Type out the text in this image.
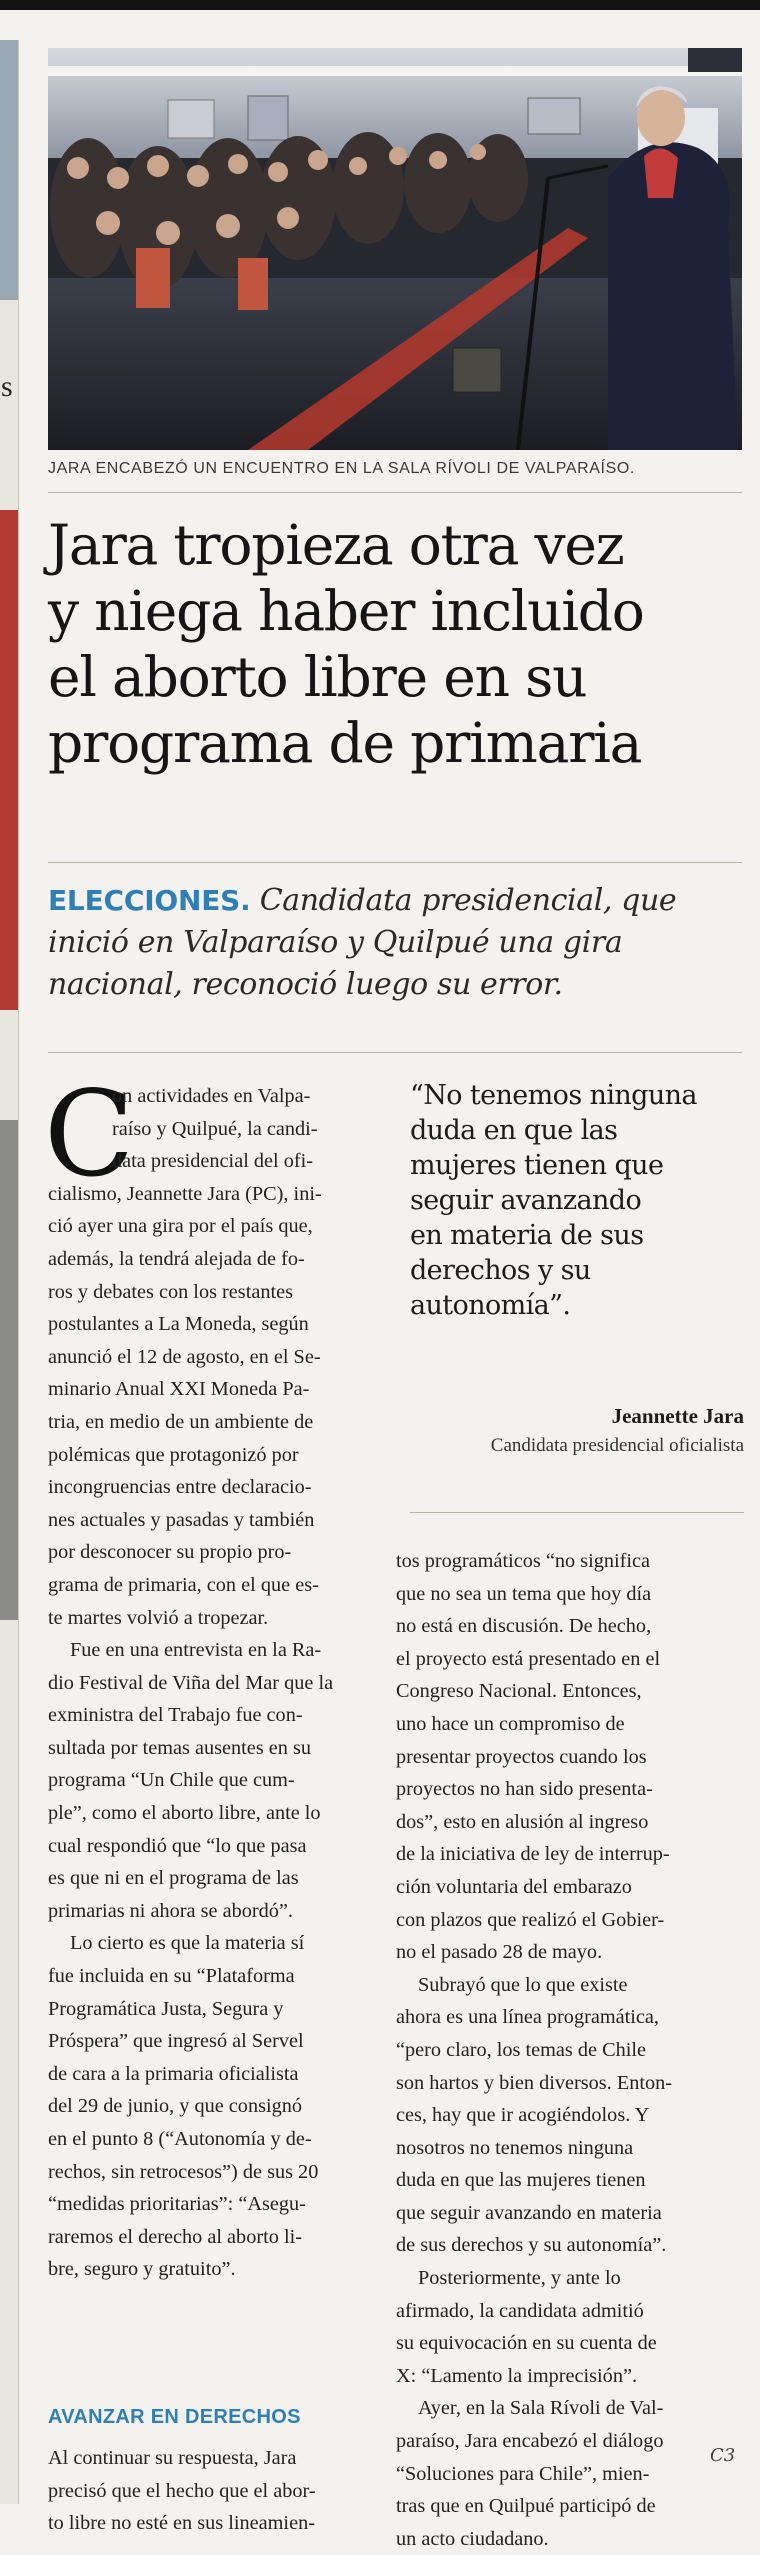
s
JARA ENCABEZÓ UN ENCUENTRO EN LA SALA RÍVOLI DE VALPARAÍSO.
Jara tropieza otra vez
y niega haber incluido
el aborto libre en su
programa de primaria
ELECCIONES. Candidata presidencial, que
inició en Valparaíso y Quilpué una gira
nacional, reconoció luego su error.
C
on actividades en Valpa-
raíso y Quilpué, la candi-
data presidencial del ofi-
cialismo, Jeannette Jara (PC), ini-
ció ayer una gira por el país que,
además, la tendrá alejada de fo-
ros y debates con los restantes
postulantes a La Moneda, según
anunció el 12 de agosto, en el Se-
minario Anual XXI Moneda Pa-
tria, en medio de un ambiente de
polémicas que protagonizó por
incongruencias entre declaracio-
nes actuales y pasadas y también
por desconocer su propio pro-
grama de primaria, con el que es-
te martes volvió a tropezar.
Fue en una entrevista en la Ra-
dio Festival de Viña del Mar que la
exministra del Trabajo fue con-
sultada por temas ausentes en su
programa “Un Chile que cum-
ple”, como el aborto libre, ante lo
cual respondió que “lo que pasa
es que ni en el programa de las
primarias ni ahora se abordó”.
Lo cierto es que la materia sí
fue incluida en su “Plataforma
Programática Justa, Segura y
Próspera” que ingresó al Servel
de cara a la primaria oficialista
del 29 de junio, y que consignó
en el punto 8 (“Autonomía y de-
rechos, sin retrocesos”) de sus 20
“medidas prioritarias”: “Asegu-
raremos el derecho al aborto li-
bre, seguro y gratuito”.
AVANZAR EN DERECHOS
Al continuar su respuesta, Jara
precisó que el hecho que el abor-
to libre no esté en sus lineamien-
“No tenemos ninguna
duda en que las
mujeres tienen que
seguir avanzando
en materia de sus
derechos y su
autonomía”.
Jeannette Jara
Candidata presidencial oficialista
tos programáticos “no significa
que no sea un tema que hoy día
no está en discusión. De hecho,
el proyecto está presentado en el
Congreso Nacional. Entonces,
uno hace un compromiso de
presentar proyectos cuando los
proyectos no han sido presenta-
dos”, esto en alusión al ingreso
de la iniciativa de ley de interrup-
ción voluntaria del embarazo
con plazos que realizó el Gobier-
no el pasado 28 de mayo.
Subrayó que lo que existe
ahora es una línea programática,
“pero claro, los temas de Chile
son hartos y bien diversos. Enton-
ces, hay que ir acogiéndolos. Y
nosotros no tenemos ninguna
duda en que las mujeres tienen
que seguir avanzando en materia
de sus derechos y su autonomía”.
Posteriormente, y ante lo
afirmado, la candidata admitió
su equivocación en su cuenta de
X: “Lamento la imprecisión”.
Ayer, en la Sala Rívoli de Val-
paraíso, Jara encabezó el diálogo
“Soluciones para Chile”, mien-
tras que en Quilpué participó de
un acto ciudadano.
C3
